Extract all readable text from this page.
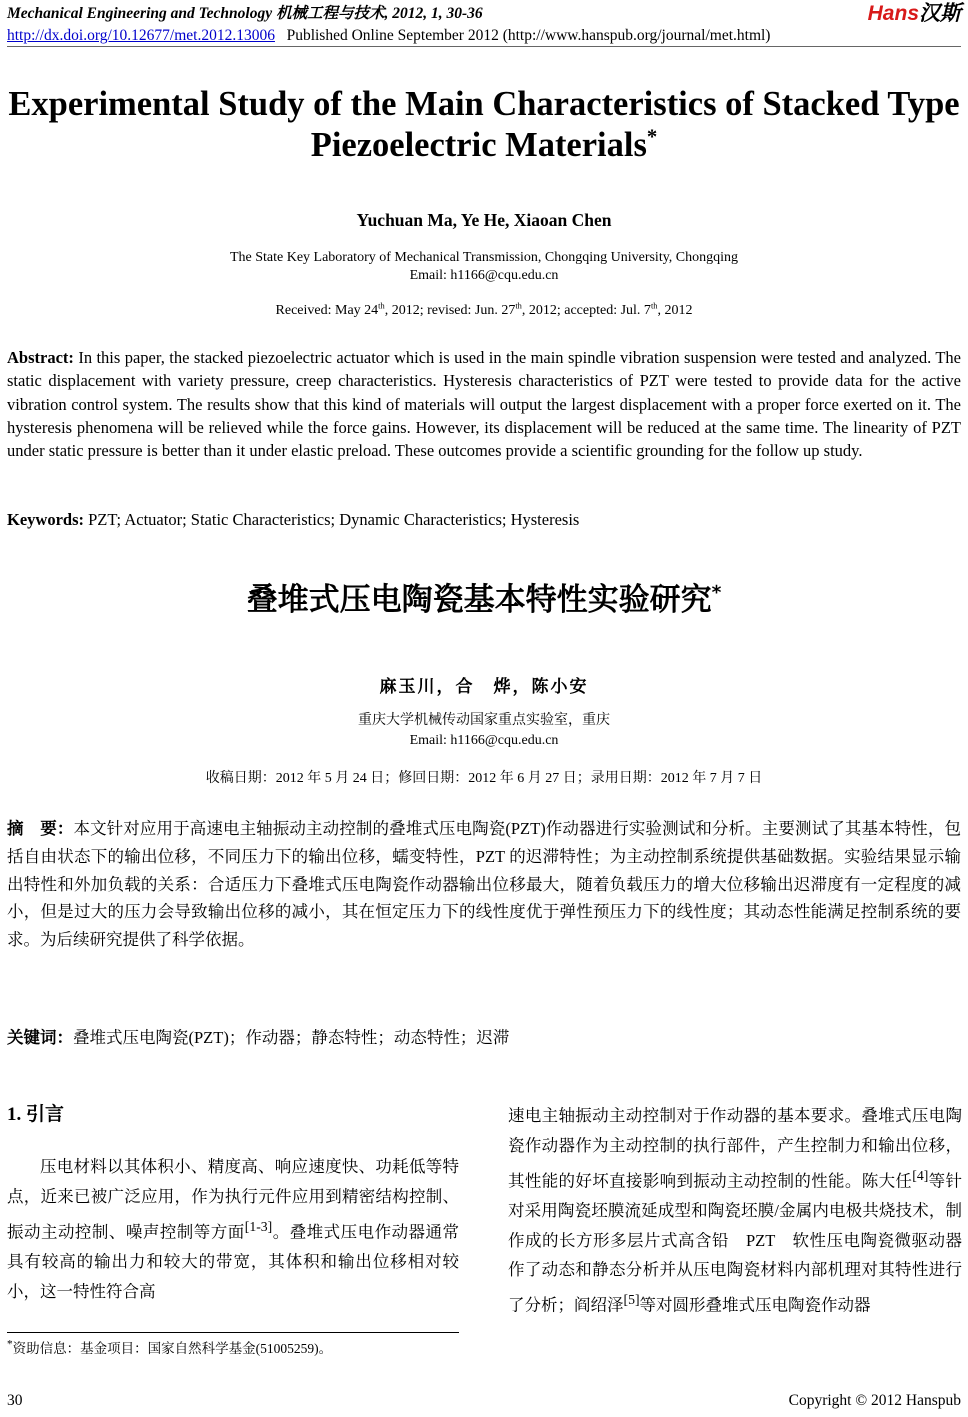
Mechanical Engineering and Technology 机械工程与技术, 2012, 1, 30-36
http://dx.doi.org/10.12677/met.2012.13006 Published Online September 2012 (http://www.hanspub.org/journal/met.html)
Hans汉斯
Experimental Study of the Main Characteristics of Stacked Type Piezoelectric Materials*
Yuchuan Ma, Ye He, Xiaoan Chen
The State Key Laboratory of Mechanical Transmission, Chongqing University, Chongqing
Email: h1166@cqu.edu.cn
Received: May 24th, 2012; revised: Jun. 27th, 2012; accepted: Jul. 7th, 2012
Abstract: In this paper, the stacked piezoelectric actuator which is used in the main spindle vibration suspension were tested and analyzed. The static displacement with variety pressure, creep characteristics. Hysteresis characteristics of PZT were tested to provide data for the active vibration control system. The results show that this kind of materials will output the largest displacement with a proper force exerted on it. The hysteresis phenomena will be relieved while the force gains. However, its displacement will be reduced at the same time. The linearity of PZT under static pressure is better than it under elastic preload. These outcomes provide a scientific grounding for the follow up study.
Keywords: PZT; Actuator; Static Characteristics; Dynamic Characteristics; Hysteresis
叠堆式压电陶瓷基本特性实验研究*
麻玉川，合　烨，陈小安
重庆大学机械传动国家重点实验室，重庆
Email: h1166@cqu.edu.cn
收稿日期：2012 年 5 月 24 日；修回日期：2012 年 6 月 27 日；录用日期：2012 年 7 月 7 日
摘　要：本文针对应用于高速电主轴振动主动控制的叠堆式压电陶瓷(PZT)作动器进行实验测试和分析。主要测试了其基本特性，包括自由状态下的输出位移，不同压力下的输出位移，蠕变特性，PZT 的迟滞特性；为主动控制系统提供基础数据。实验结果显示输出特性和外加负载的关系：合适压力下叠堆式压电陶瓷作动器输出位移最大，随着负载压力的增大位移输出迟滞度有一定程度的减小，但是过大的压力会导致输出位移的减小，其在恒定压力下的线性度优于弹性预压力下的线性度；其动态性能满足控制系统的要求。为后续研究提供了科学依据。
关键词：叠堆式压电陶瓷(PZT)；作动器；静态特性；动态特性；迟滞
1. 引言
压电材料以其体积小、精度高、响应速度快、功耗低等特点，近来已被广泛应用，作为执行元件应用到精密结构控制、振动主动控制、噪声控制等方面[1-3]。叠堆式压电作动器通常具有较高的输出力和较大的带宽，其体积和输出位移相对较小，这一特性符合高
速电主轴振动主动控制对于作动器的基本要求。叠堆式压电陶瓷作动器作为主动控制的执行部件，产生控制力和输出位移，其性能的好坏直接影响到振动主动控制的性能。陈大任[4]等针对采用陶瓷坯膜流延成型和陶瓷坯膜/金属内电极共烧技术，制作成的长方形多层片式高含铅　PZT　软性压电陶瓷微驱动器作了动态和静态分析并从压电陶瓷材料内部机理对其特性进行了分析；阎绍泽[5]等对圆形叠堆式压电陶瓷作动器
*资助信息：基金项目：国家自然科学基金(51005259)。
30	Copyright © 2012 Hanspub
